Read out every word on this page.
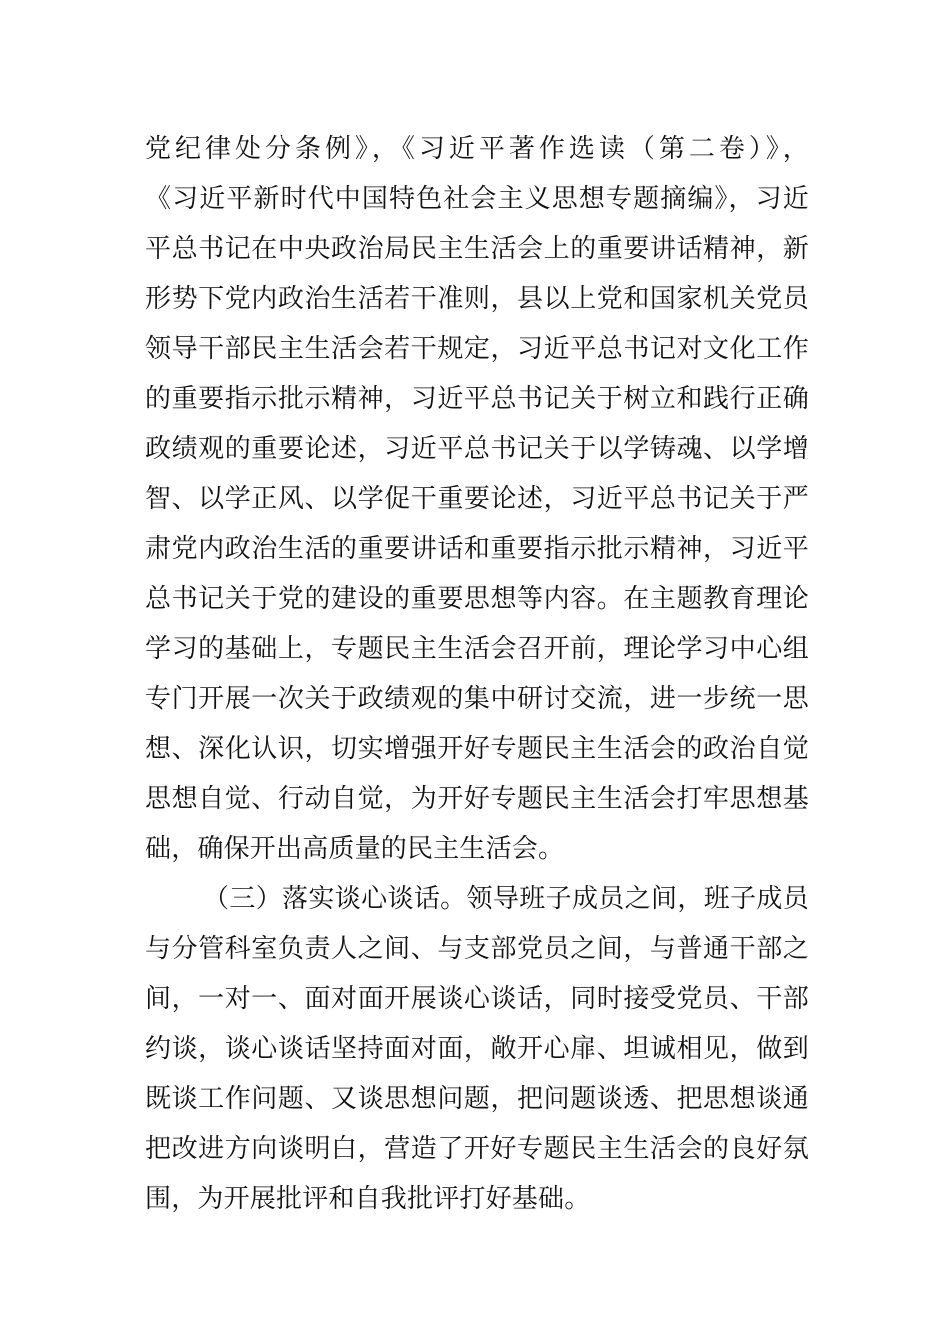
党纪律处分条例》，《习近平著作选读（第二卷）》，
《习近平新时代中国特色社会主义思想专题摘编》，习近
平总书记在中央政治局民主生活会上的重要讲话精神，新
形势下党内政治生活若干准则，县以上党和国家机关党员
领导干部民主生活会若干规定，习近平总书记对文化工作
的重要指示批示精神，习近平总书记关于树立和践行正确
政绩观的重要论述，习近平总书记关于以学铸魂、以学增
智、以学正风、以学促干重要论述，习近平总书记关于严
肃党内政治生活的重要讲话和重要指示批示精神，习近平
总书记关于党的建设的重要思想等内容。在主题教育理论
学习的基础上，专题民主生活会召开前，理论学习中心组
专门开展一次关于政绩观的集中研讨交流，进一步统一思
想、深化认识，切实增强开好专题民主生活会的政治自觉
思想自觉、行动自觉，为开好专题民主生活会打牢思想基
础，确保开出高质量的民主生活会。
（三）落实谈心谈话。领导班子成员之间，班子成员
与分管科室负责人之间、与支部党员之间，与普通干部之
间，一对一、面对面开展谈心谈话，同时接受党员、干部
约谈，谈心谈话坚持面对面，敞开心扉、坦诚相见，做到
既谈工作问题、又谈思想问题，把问题谈透、把思想谈通
把改进方向谈明白，营造了开好专题民主生活会的良好氛
围，为开展批评和自我批评打好基础。
